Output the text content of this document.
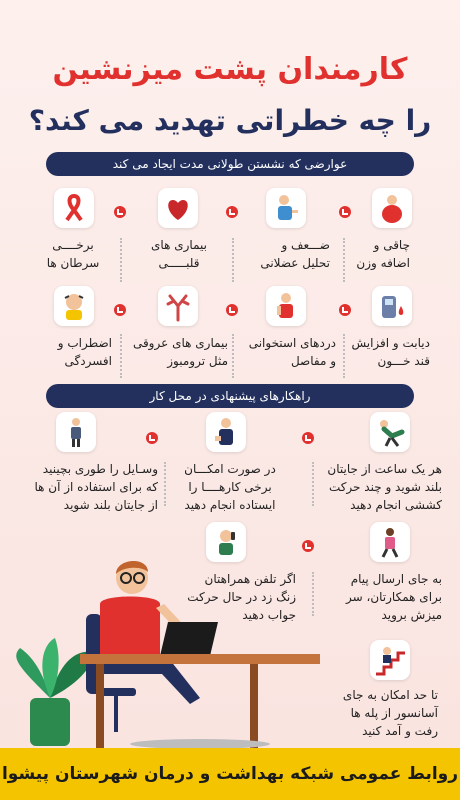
کارمندان پشت میزنشین
را چه خطراتی تهدید می کند؟
عوارضی که نشستن طولانی مدت ایجاد می کند
چاقی و
اضافه وزن
ضـــعف و
تحلیل عضلانی
بیماری های
قلبـــــی
برخــــی
سرطان ها
دیابت و افزایش
قند خـــون
دردهای استخوانی
و مفاصل
بیماری های عروقی
مثل ترومبوز
اضطراب و
افسردگی
راهکارهای پیشنهادی در محل کار
هر یک ساعت از جایتان
بلند شوید و چند حرکت
کششی انجام دهید
در صورت امکـــان
برخی کارهــــا را
ایستاده انجام دهید
وسـایل را طوری بچینید
که برای استفاده از آن ها
از جایتان بلند شوید
به جای ارسال پیام
برای همکارتان، سر
میزش بروید
اگر تلفن همراهتان
زنگ زد در حال حرکت
جواب دهید
تا حد امکان به جای
آسانسور از پله ها
رفت و آمد کنید
روابط عمومی شبکه بهداشت و درمان شهرستان پیشوا
